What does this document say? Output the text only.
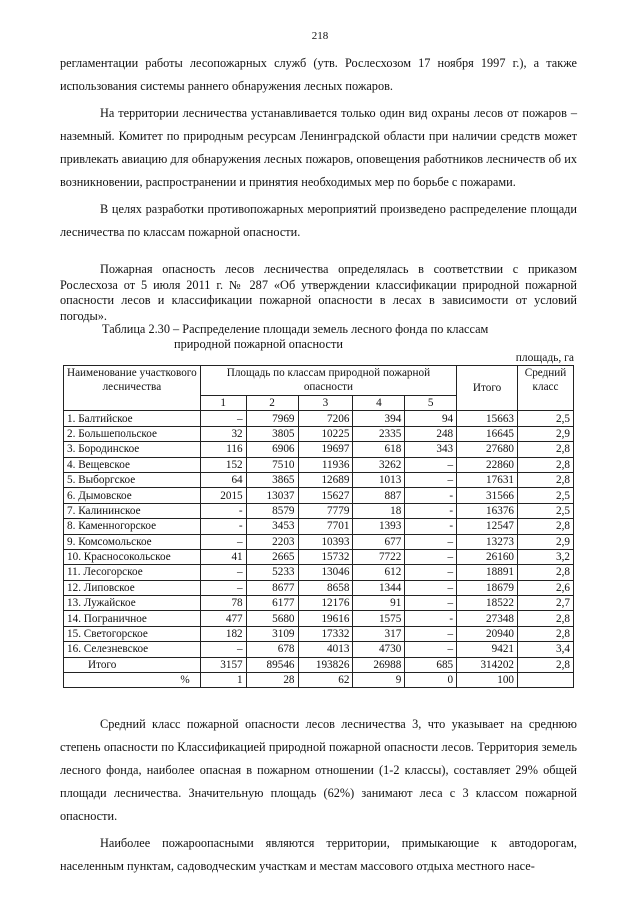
218

регламентации работы лесопожарных служб (утв. Рослесхозом 17 ноября 1997 г.), а также использования системы раннего обнаружения лесных пожаров.

На территории лесничества устанавливается только один вид охраны лесов от пожаров – наземный. Комитет по природным ресурсам Ленинградской области при наличии средств может привлекать авиацию для обнаружения лесных пожаров, оповещения работников лесничеств об их возникновении, распространении и принятия необходимых мер по борьбе с пожарами.

В целях разработки противопожарных мероприятий произведено распределение площади лесничества по классам пожарной опасности.

Пожарная опасность лесов лесничества определялась в соответствии с приказом Рослесхоза от 5 июля 2011 г. № 287 «Об утверждении классификации природной пожарной опасности лесов и классификации пожарной опасности в лесах в зависимости от условий погоды».

Таблица 2.30 – Распределение площади земель лесного фонда по классам
природной пожарной опасности
площадь, га
Наименование участкового лесничества	Площадь по классам природной пожарной опасности					Итого	Средний класс
	1	2	3	4	5		
1. Балтийское	–	7969	7206	394	94	15663	2,5
2. Большепольское	32	3805	10225	2335	248	16645	2,9
3. Бородинское	116	6906	19697	618	343	27680	2,8
4. Вещевское	152	7510	11936	3262	–	22860	2,8
5. Выборгское	64	3865	12689	1013	–	17631	2,8
6. Дымовское	2015	13037	15627	887	-	31566	2,5
7. Калининское	-	8579	7779	18	-	16376	2,5
8. Каменногорское	-	3453	7701	1393	-	12547	2,8
9. Комсомольское	–	2203	10393	677	–	13273	2,9
10. Красносокольское	41	2665	15732	7722	–	26160	3,2
11. Лесогорское	–	5233	13046	612	–	18891	2,8
12. Липовское	–	8677	8658	1344	–	18679	2,6
13. Лужайское	78	6177	12176	91	–	18522	2,7
14. Пограничное	477	5680	19616	1575	-	27348	2,8
15. Светогорское	182	3109	17332	317	–	20940	2,8
16. Селезневское	–	678	4013	4730	–	9421	3,4
Итого	3157	89546	193826	26988	685	314202	2,8
%	1	28	62	9	0	100	

Средний класс пожарной опасности лесов лесничества 3, что указывает на среднюю степень опасности по Классификацией природной пожарной опасности лесов. Территория земель лесного фонда, наиболее опасная в пожарном отношении (1-2 классы), составляет 29% общей площади лесничества. Значительную площадь (62%) занимают леса с 3 классом пожарной опасности.

Наиболее пожароопасными являются территории, примыкающие к автодорогам, населенным пунктам, садоводческим участкам и местам массового отдыха местного насе-
